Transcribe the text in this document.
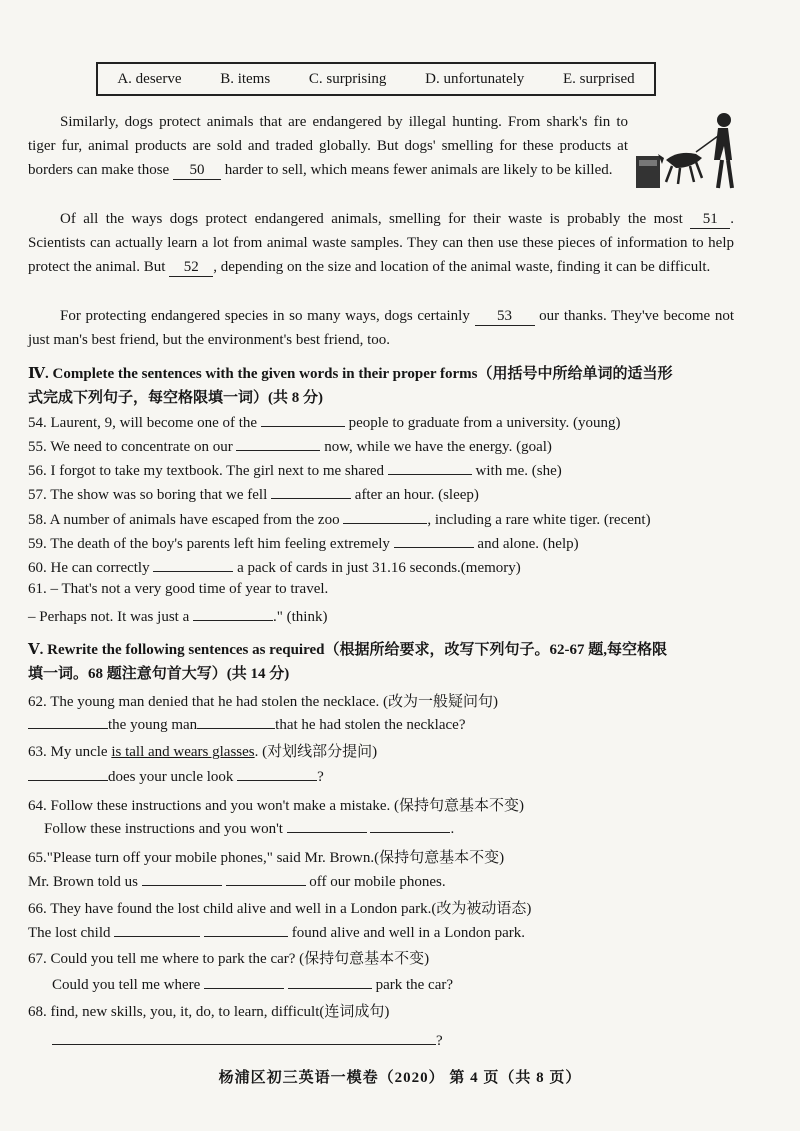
A. deserve	B. items	C. surprising	D. unfortunately	E. surprised
Similarly, dogs protect animals that are endangered by illegal hunting. From shark's fin to tiger fur, animal products are sold and traded globally. But dogs' smelling for these products at borders can make those 50 harder to sell, which means fewer animals are likely to be killed.
Of all the ways dogs protect endangered animals, smelling for their waste is probably the most 51 . Scientists can actually learn a lot from animal waste samples. They can then use these pieces of information to help protect the animal. But 52 , depending on the size and location of the animal waste, finding it can be difficult.
For protecting endangered species in so many ways, dogs certainly 53 our thanks. They've become not just man's best friend, but the environment's best friend, too.
Ⅳ. Complete the sentences with the given words in their proper forms（用括号中所给单词的适当形
式完成下列句子，每空格限填一词）(共 8 分)
54. Laurent, 9, will become one of the	people to graduate from a university. (young)
55. We need to concentrate on our	now, while we have the energy. (goal)
56. I forgot to take my textbook. The girl next to me shared	with me. (she)
57. The show was so boring that we fell	after an hour. (sleep)
58. A number of animals have escaped from the zoo	, including a rare white tiger. (recent)
59. The death of the boy's parents left him feeling extremely	and alone. (help)
60. He can correctly	a pack of cards in just 31.16 seconds.(memory)
61. – That's not a very good time of year to travel.
– Perhaps not. It was just a	." (think)
Ⅴ. Rewrite the following sentences as required（根据所给要求，改写下列句子。62-67 题,每空格限
填一词。68 题注意句首大写）(共 14 分)
62. The young man denied that he had stolen the necklace. (改为一般疑问句)
the young man	that he had stolen the necklace?
63. My uncle is tall and wears glasses. (对划线部分提问)
does your uncle look	?
64. Follow these instructions and you won't make a mistake. (保持句意基本不变)
Follow these instructions and you won't	.
65."Please turn off your mobile phones," said Mr. Brown.(保持句意基本不变)
Mr. Brown told us	off our mobile phones.
66. They have found the lost child alive and well in a London park.(改为被动语态)
The lost child	found alive and well in a London park.
67. Could you tell me where to park the car? (保持句意基本不变)
Could you tell me where	park the car?
68. find, new skills, you, it, do, to learn, difficult(连词成句)
?
杨浦区初三英语一模卷（2020） 第 4 页（共 8 页）
